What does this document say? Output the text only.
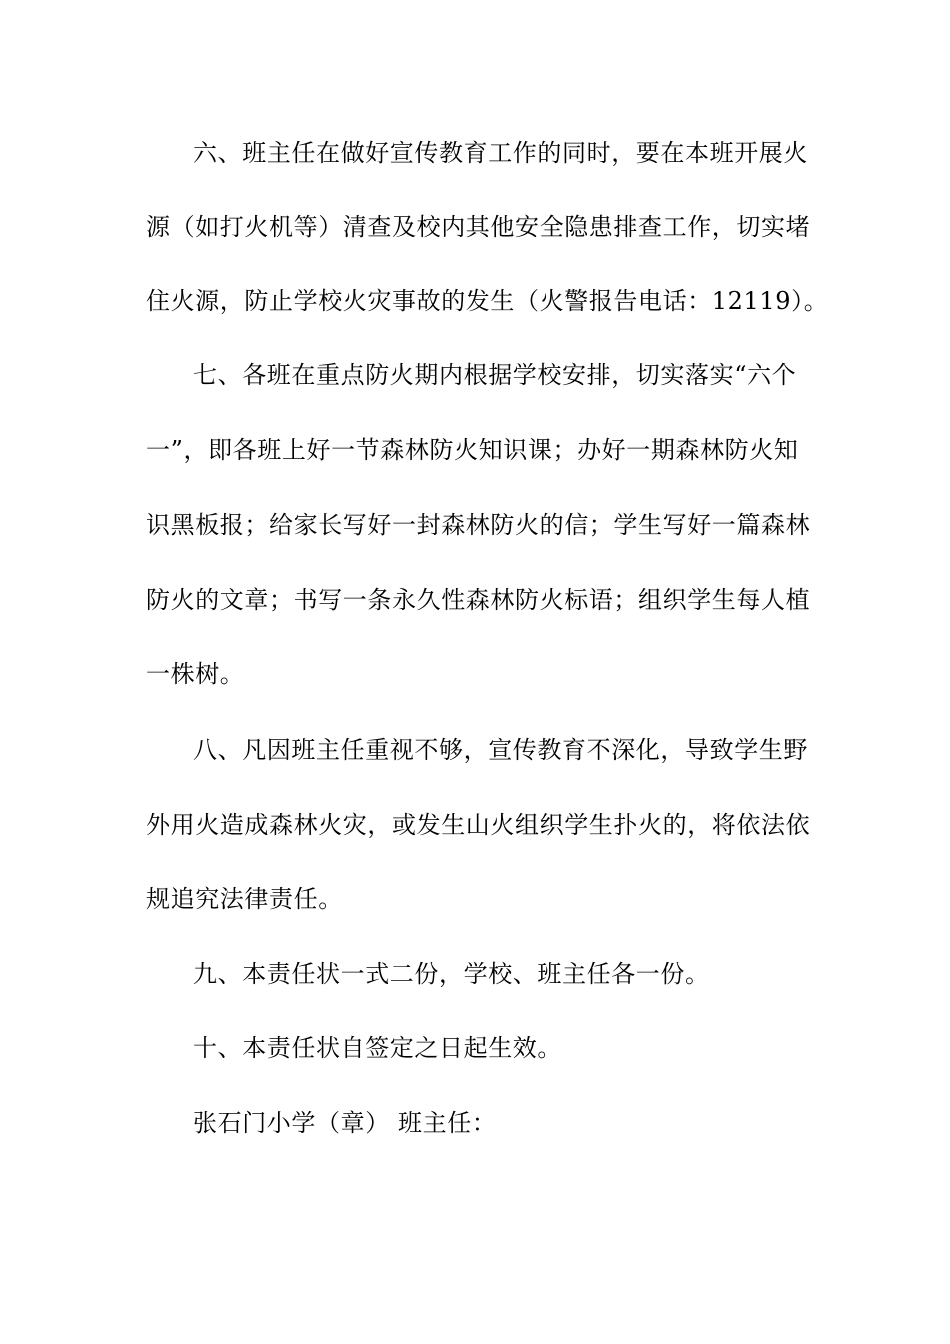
六、班主任在做好宣传教育工作的同时，要在本班开展火
源（如打火机等）清查及校内其他安全隐患排查工作，切实堵
住火源，防止学校火灾事故的发生（火警报告电话：12119）。
七、各班在重点防火期内根据学校安排，切实落实“六个
一”，即各班上好一节森林防火知识课；办好一期森林防火知
识黑板报；给家长写好一封森林防火的信；学生写好一篇森林
防火的文章；书写一条永久性森林防火标语；组织学生每人植
一株树。
八、凡因班主任重视不够，宣传教育不深化，导致学生野
外用火造成森林火灾，或发生山火组织学生扑火的，将依法依
规追究法律责任。
九、本责任状一式二份，学校、班主任各一份。
十、本责任状自签定之日起生效。
张石门小学（章） 班主任：
